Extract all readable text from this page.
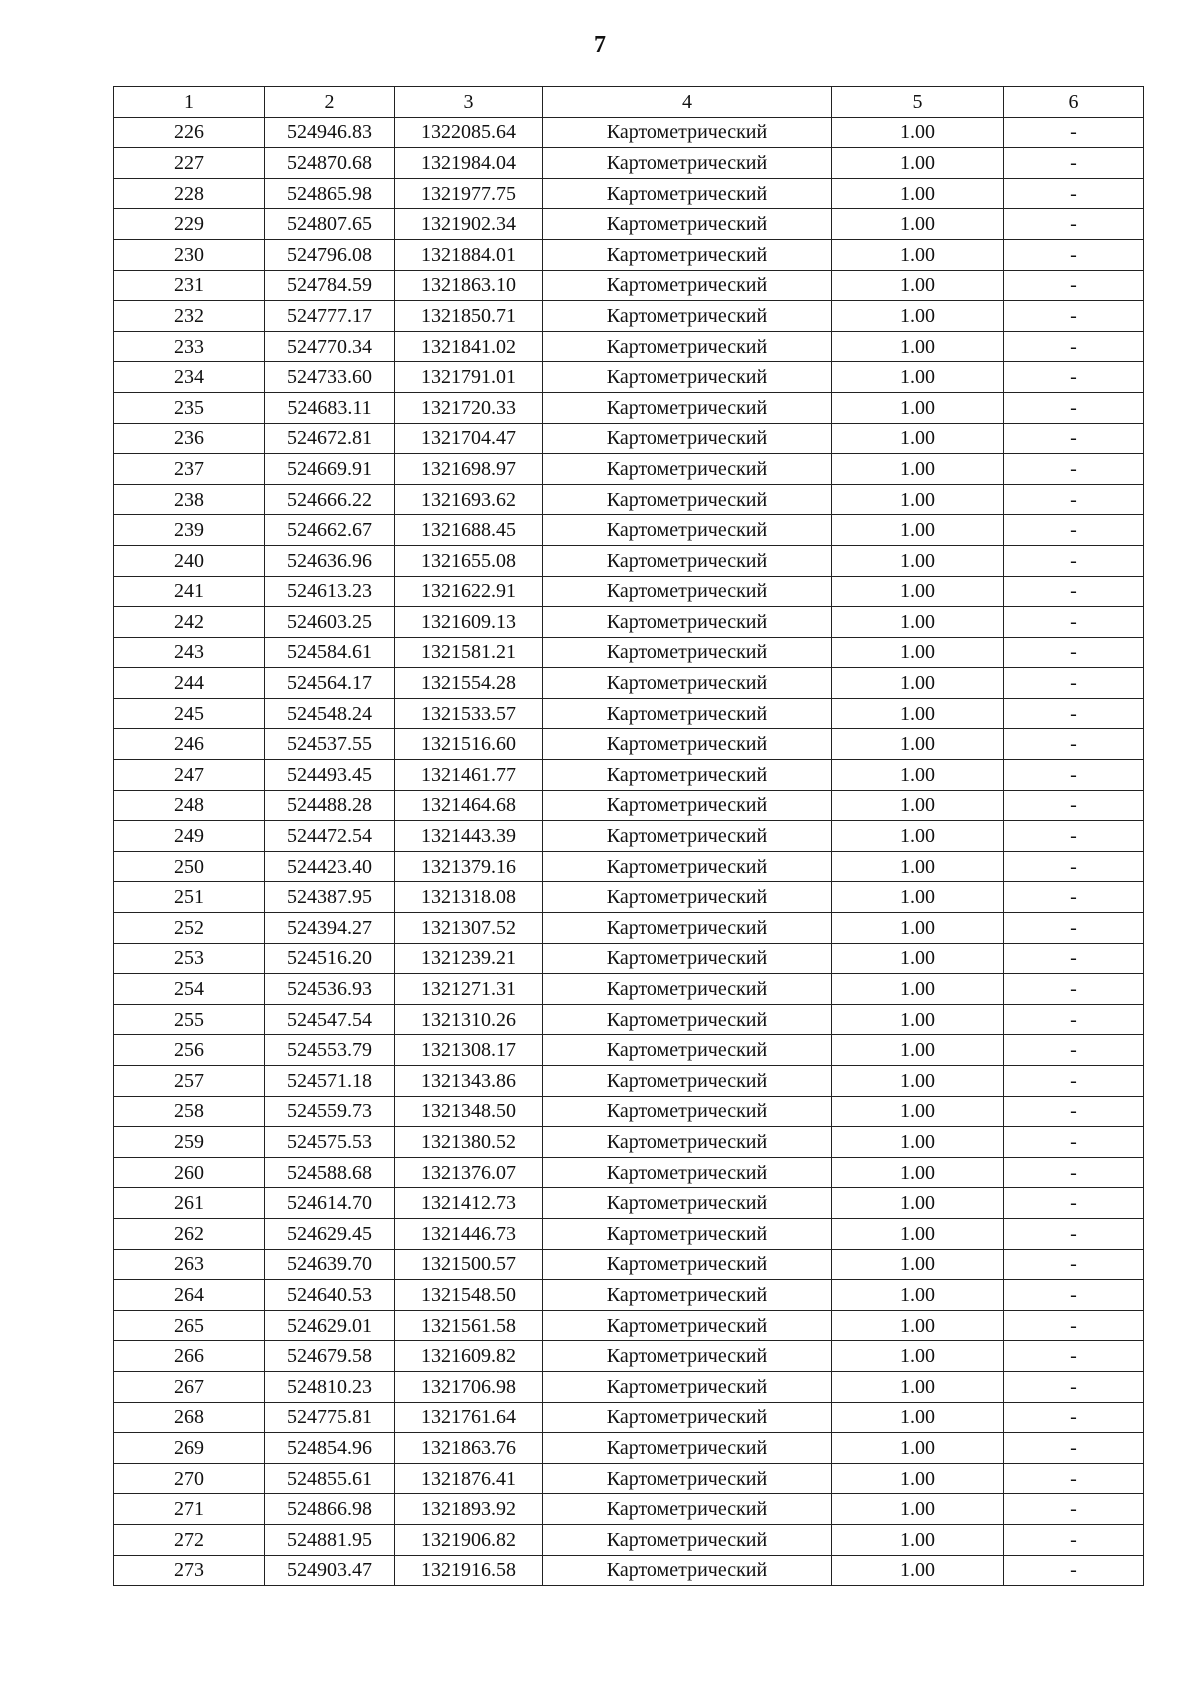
7
1	2	3	4	5	6
226	524946.83	1322085.64	Картометрический	1.00	-
227	524870.68	1321984.04	Картометрический	1.00	-
228	524865.98	1321977.75	Картометрический	1.00	-
229	524807.65	1321902.34	Картометрический	1.00	-
230	524796.08	1321884.01	Картометрический	1.00	-
231	524784.59	1321863.10	Картометрический	1.00	-
232	524777.17	1321850.71	Картометрический	1.00	-
233	524770.34	1321841.02	Картометрический	1.00	-
234	524733.60	1321791.01	Картометрический	1.00	-
235	524683.11	1321720.33	Картометрический	1.00	-
236	524672.81	1321704.47	Картометрический	1.00	-
237	524669.91	1321698.97	Картометрический	1.00	-
238	524666.22	1321693.62	Картометрический	1.00	-
239	524662.67	1321688.45	Картометрический	1.00	-
240	524636.96	1321655.08	Картометрический	1.00	-
241	524613.23	1321622.91	Картометрический	1.00	-
242	524603.25	1321609.13	Картометрический	1.00	-
243	524584.61	1321581.21	Картометрический	1.00	-
244	524564.17	1321554.28	Картометрический	1.00	-
245	524548.24	1321533.57	Картометрический	1.00	-
246	524537.55	1321516.60	Картометрический	1.00	-
247	524493.45	1321461.77	Картометрический	1.00	-
248	524488.28	1321464.68	Картометрический	1.00	-
249	524472.54	1321443.39	Картометрический	1.00	-
250	524423.40	1321379.16	Картометрический	1.00	-
251	524387.95	1321318.08	Картометрический	1.00	-
252	524394.27	1321307.52	Картометрический	1.00	-
253	524516.20	1321239.21	Картометрический	1.00	-
254	524536.93	1321271.31	Картометрический	1.00	-
255	524547.54	1321310.26	Картометрический	1.00	-
256	524553.79	1321308.17	Картометрический	1.00	-
257	524571.18	1321343.86	Картометрический	1.00	-
258	524559.73	1321348.50	Картометрический	1.00	-
259	524575.53	1321380.52	Картометрический	1.00	-
260	524588.68	1321376.07	Картометрический	1.00	-
261	524614.70	1321412.73	Картометрический	1.00	-
262	524629.45	1321446.73	Картометрический	1.00	-
263	524639.70	1321500.57	Картометрический	1.00	-
264	524640.53	1321548.50	Картометрический	1.00	-
265	524629.01	1321561.58	Картометрический	1.00	-
266	524679.58	1321609.82	Картометрический	1.00	-
267	524810.23	1321706.98	Картометрический	1.00	-
268	524775.81	1321761.64	Картометрический	1.00	-
269	524854.96	1321863.76	Картометрический	1.00	-
270	524855.61	1321876.41	Картометрический	1.00	-
271	524866.98	1321893.92	Картометрический	1.00	-
272	524881.95	1321906.82	Картометрический	1.00	-
273	524903.47	1321916.58	Картометрический	1.00	-
